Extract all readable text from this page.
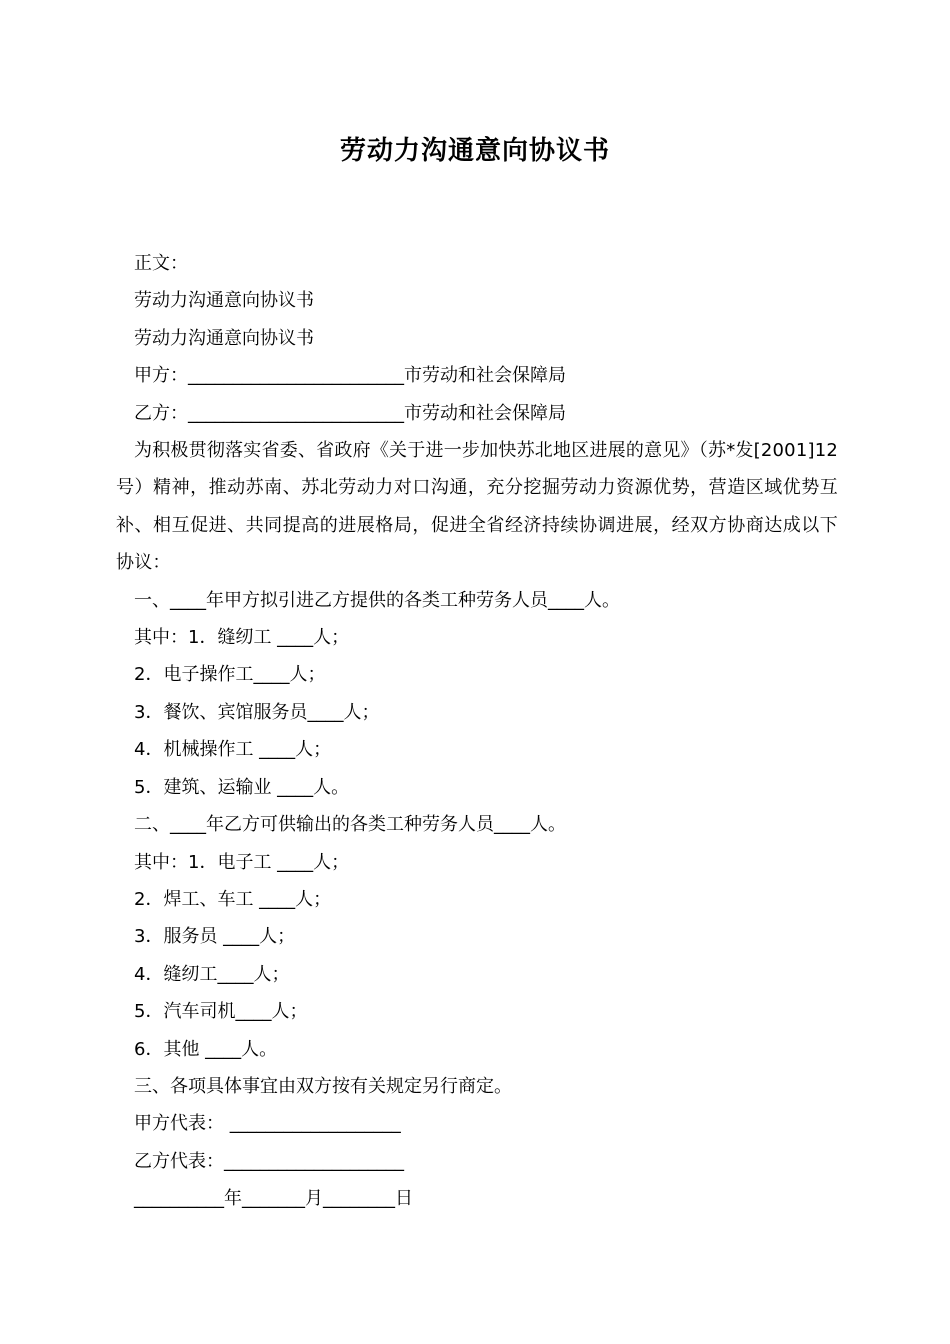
劳动力沟通意向协议书

正文：

劳动力沟通意向协议书

劳动力沟通意向协议书

甲方：________________________市劳动和社会保障局

乙方：________________________市劳动和社会保障局

为积极贯彻落实省委、省政府《关于进一步加快苏北地区进展的意见》（苏*发[2001]12号）精神，推动苏南、苏北劳动力对口沟通，充分挖掘劳动力资源优势，营造区域优势互补、相互促进、共同提高的进展格局，促进全省经济持续协调进展，经双方协商达成以下协议：

一、____年甲方拟引进乙方提供的各类工种劳务人员____人。

其中：1．缝纫工 ____人；

2．电子操作工____人；

3．餐饮、宾馆服务员____人；

4．机械操作工 ____人；

5．建筑、运输业 ____人。

二、____年乙方可供输出的各类工种劳务人员____人。

其中：1．电子工 ____人；

2．焊工、车工 ____人；

3．服务员 ____人；

4．缝纫工____人；

5．汽车司机____人；

6．其他 ____人。

三、各项具体事宜由双方按有关规定另行商定。

甲方代表： ___________________

乙方代表：____________________

__________年_______月________日
